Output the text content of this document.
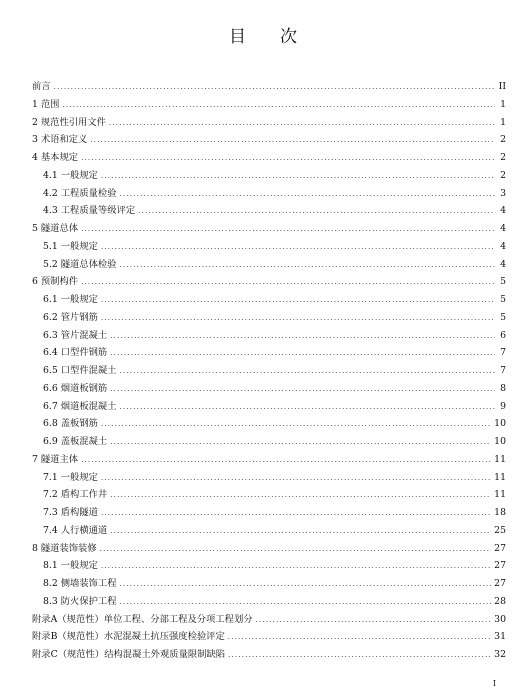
目 次
前言 .....	II
1 范围 .....	1
2 规范性引用文件 .....	1
3 术语和定义 .....	2
4 基本规定 .....	2
4.1 一般规定 .....	2
4.2 工程质量检验 .....	3
4.3 工程质量等级评定 .....	4
5 隧道总体 .....	4
5.1 一般规定 .....	4
5.2 隧道总体检验 .....	4
6 预制构件 .....	5
6.1 一般规定 .....	5
6.2 管片钢筋 .....	5
6.3 管片混凝土 .....	6
6.4 口型件钢筋 .....	7
6.5 口型件混凝土 .....	7
6.6 烟道板钢筋 .....	8
6.7 烟道板混凝土 .....	9
6.8 盖板钢筋 .....	10
6.9 盖板混凝土 .....	10
7 隧道主体 .....	11
7.1 一般规定 .....	11
7.2 盾构工作井 .....	11
7.3 盾构隧道 .....	18
7.4 人行横通道 .....	25
8 隧道装饰装修 .....	27
8.1 一般规定 .....	27
8.2 侧墙装饰工程 .....	27
8.3 防火保护工程 .....	28
附录A（规范性）单位工程、分部工程及分项工程划分 .....	30
附录B（规范性）水泥混凝土抗压强度检验评定 .....	31
附录C（规范性）结构混凝土外观质量限制缺陷 .....	32
I
